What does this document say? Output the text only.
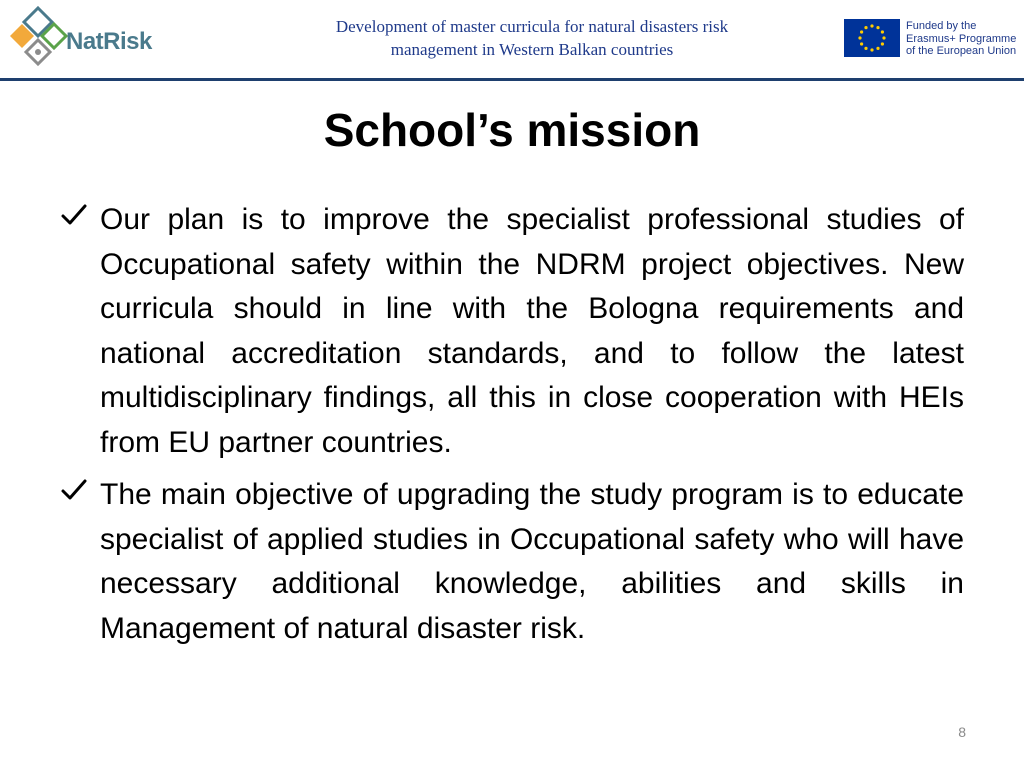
NatRisk
Development of master curricula for natural disasters risk
management in Western Balkan countries
Funded by the
Erasmus+ Programme
of the European Union
School’s mission

Our plan is to improve the specialist professional studies of Occupational safety within the NDRM project objectives. New curricula should in line with the Bologna requirements and national accreditation standards, and to follow the latest multidisciplinary findings, all this in close cooperation with HEIs from EU partner countries.

The main objective of upgrading the study program is to educate specialist of applied studies in Occupational safety who will have necessary additional knowledge, abilities and skills in Management of natural disaster risk.

8
